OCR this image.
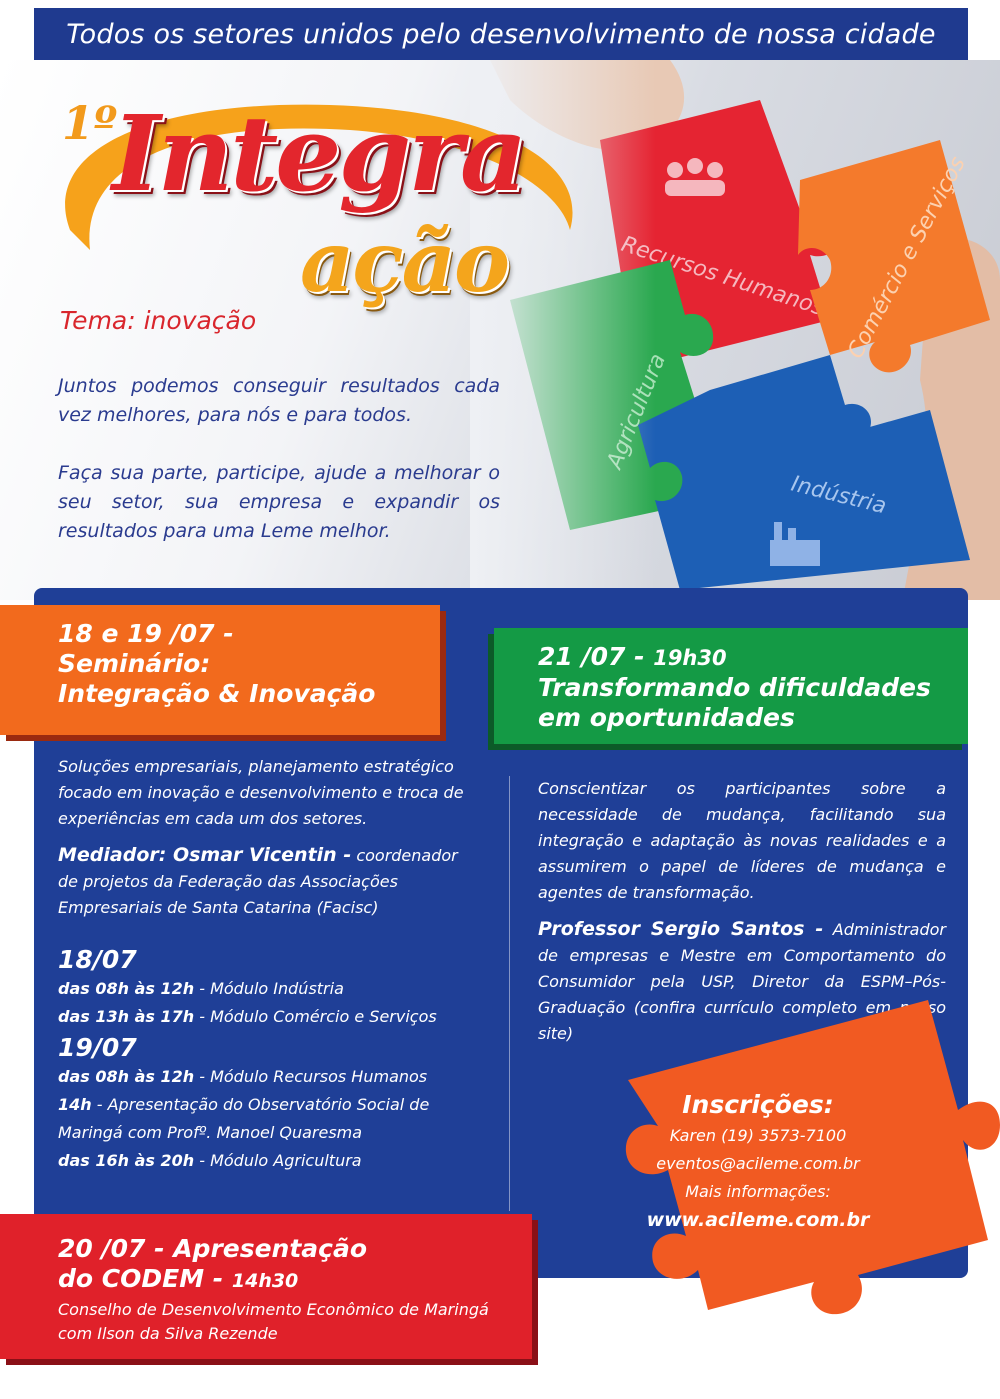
Todos os setores unidos pelo desenvolvimento de nossa cidade
1º
Integra
ação
Tema: inovação

Juntos podemos conseguir resultados cada vez melhores, para nós e para todos.

Faça sua parte, participe, ajude a melhorar o seu setor, sua empresa e expandir os resultados para uma Leme melhor.

18 e 19 /07 -
Seminário:
Integração & Inovação
21 /07 - 19h30
Transformando dificuldades em oportunidades

Soluções empresariais, planejamento estratégico focado em inovação e desenvolvimento e troca de experiências em cada um dos setores.

Mediador: Osmar Vicentin - coordenador de projetos da Federação das Associações Empresariais de Santa Catarina (Facisc)

18/07
das 08h às 12h - Módulo Indústria
das 13h às 17h - Módulo Comércio e Serviços
19/07
das 08h às 12h - Módulo Recursos Humanos
14h - Apresentação do Observatório Social de Maringá com Profº. Manoel Quaresma
das 16h às 20h - Módulo Agricultura

Conscientizar os participantes sobre a necessidade de mudança, facilitando sua integração e adaptação às novas realidades e a assumirem o papel de líderes de mudança e agentes de transformação.

Professor Sergio Santos - Administrador de empresas e Mestre em Comportamento do Consumidor pela USP, Diretor da ESPM–Pós-Graduação (confira currículo completo em nosso site)

Inscrições:
Karen (19) 3573-7100
eventos@acileme.com.br
Mais informações:
www.acileme.com.br
20 /07 - Apresentação
do CODEM - 14h30
Conselho de Desenvolvimento Econômico de Maringá
com Ilson da Silva Rezende
